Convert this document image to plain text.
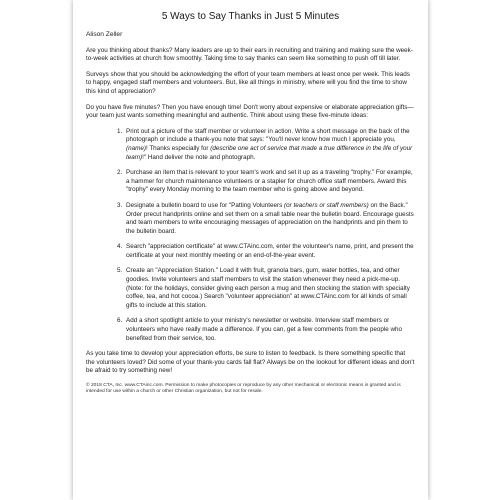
5 Ways to Say Thanks in Just 5 Minutes
Alison Zeller

Are you thinking about thanks? Many leaders are up to their ears in recruiting and training and making sure the week-to-week activities at church flow smoothly. Taking time to say thanks can seem like something to push off till later.

Surveys show that you should be acknowledging the effort of your team members at least once per week. This leads to happy, engaged staff members and volunteers. But, like all things in ministry, where will you find the time to show this kind of appreciation?

Do you have five minutes? Then you have enough time! Don't worry about expensive or elaborate appreciation gifts—your team just wants something meaningful and authentic. Think about using these five-minute ideas:

1. Print out a picture of the staff member or volunteer in action. Write a short message on the back of the photograph or include a thank-you note that says: "You'll never know how much I appreciate you, (name)! Thanks especially for (describe one act of service that made a true difference in the life of your team)!" Hand deliver the note and photograph.
2. Purchase an item that is relevant to your team's work and set it up as a traveling "trophy." For example, a hammer for church maintenance volunteers or a stapler for church office staff members. Award this "trophy" every Monday morning to the team member who is going above and beyond.
3. Designate a bulletin board to use for "Patting Volunteers (or teachers or staff members) on the Back." Order precut handprints online and set them on a small table near the bulletin board. Encourage guests and team members to write encouraging messages of appreciation on the handprints and pin them to the bulletin board.
4. Search "appreciation certificate" at www.CTAinc.com, enter the volunteer's name, print, and present the certificate at your next monthly meeting or an end-of-the-year event.
5. Create an "Appreciation Station." Load it with fruit, granola bars, gum, water bottles, tea, and other goodies. Invite volunteers and staff members to visit the station whenever they need a pick-me-up. (Note: for the holidays, consider giving each person a mug and then stocking the station with specialty coffee, tea, and hot cocoa.) Search "volunteer appreciation" at www.CTAinc.com for all kinds of small gifts to include at this station.
6. Add a short spotlight article to your ministry's newsletter or website. Interview staff members or volunteers who have really made a difference. If you can, get a few comments from the people who benefited from their service, too.

As you take time to develop your appreciation efforts, be sure to listen to feedback. Is there something specific that the volunteers loved? Did some of your thank-you cards fall flat? Always be on the lookout for different ideas and don't be afraid to try something new!

© 2018 CTA, Inc. www.CTAinc.com. Permission to make photocopies or reproduce by any other mechanical or electronic means is granted and is intended for use within a church or other Christian organization, but not for resale.
